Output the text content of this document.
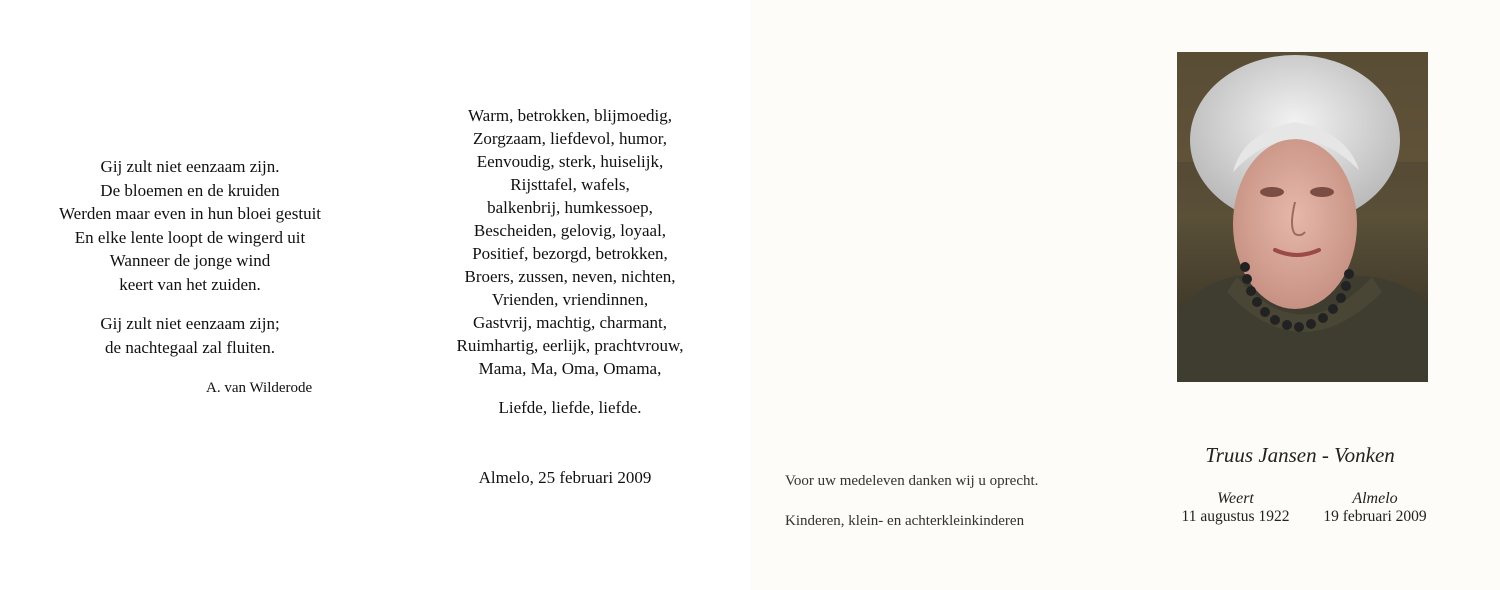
Gij zult niet eenzaam zijn.
De bloemen en de kruiden
Werden maar even in hun bloei gestuit
En elke lente loopt de wingerd uit
Wanneer de jonge wind
keert van het zuiden.
Gij zult niet eenzaam zijn;
de nachtegaal zal fluiten.
A. van Wilderode
Warm, betrokken, blijmoedig,
Zorgzaam, liefdevol, humor,
Eenvoudig, sterk, huiselijk,
Rijsttafel, wafels,
balkenbrij, humkessoep,
Bescheiden, gelovig, loyaal,
Positief, bezorgd, betrokken,
Broers, zussen, neven, nichten,
Vrienden, vriendinnen,
Gastvrij, machtig, charmant,
Ruimhartig, eerlijk, prachtvrouw,
Mama, Ma, Oma, Omama,
Liefde, liefde, liefde.
Almelo, 25 februari 2009
Truus Jansen - Vonken
Weert
11 augustus 1922
Almelo
19 februari 2009
Voor uw medeleven danken wij u oprecht.
Kinderen, klein- en achterkleinkinderen
